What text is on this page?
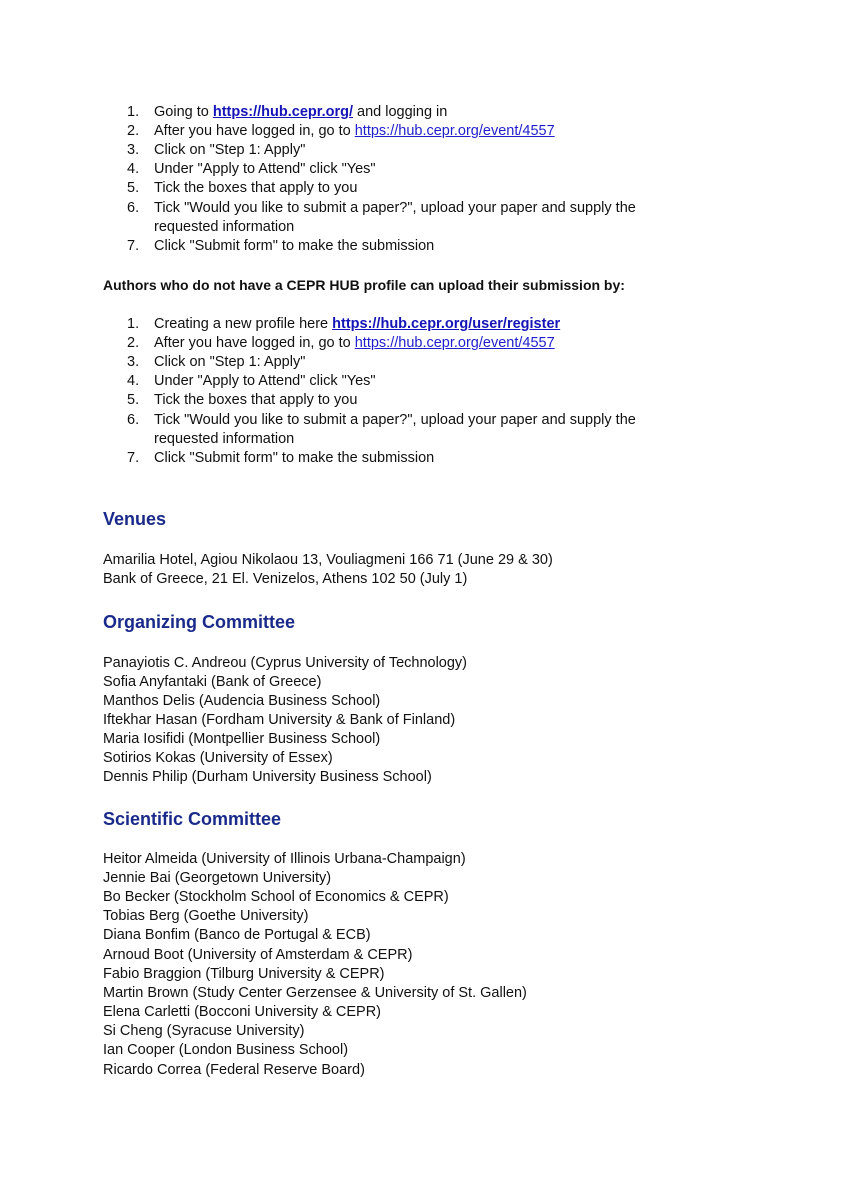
1.	Going to https://hub.cepr.org/ and logging in
2.	After you have logged in, go to https://hub.cepr.org/event/4557
3.	Click on "Step 1: Apply"
4.	Under "Apply to Attend" click "Yes"
5.	Tick the boxes that apply to you
6.	Tick "Would you like to submit a paper?", upload your paper and supply the
requested information
7.	Click "Submit form" to make the submission
Authors who do not have a CEPR HUB profile can upload their submission by:
1.	Creating a new profile here https://hub.cepr.org/user/register
2.	After you have logged in, go to https://hub.cepr.org/event/4557
3.	Click on "Step 1: Apply"
4.	Under "Apply to Attend" click "Yes"
5.	Tick the boxes that apply to you
6.	Tick "Would you like to submit a paper?", upload your paper and supply the
requested information
7.	Click "Submit form" to make the submission
Venues
Amarilia Hotel, Agiou Nikolaou 13, Vouliagmeni 166 71 (June 29 & 30)
Bank of Greece, 21 El. Venizelos, Athens 102 50 (July 1)
Organizing Committee
Panayiotis C. Andreou (Cyprus University of Technology)
Sofia Anyfantaki (Bank of Greece)
Manthos Delis (Audencia Business School)
Iftekhar Hasan (Fordham University & Bank of Finland)
Maria Iosifidi (Montpellier Business School)
Sotirios Kokas (University of Essex)
Dennis Philip (Durham University Business School)
Scientific Committee
Heitor Almeida (University of Illinois Urbana-Champaign)
Jennie Bai (Georgetown University)
Bo Becker (Stockholm School of Economics & CEPR)
Tobias Berg (Goethe University)
Diana Bonfim (Banco de Portugal & ECB)
Arnoud Boot (University of Amsterdam & CEPR)
Fabio Braggion (Tilburg University & CEPR)
Martin Brown (Study Center Gerzensee & University of St. Gallen)
Elena Carletti (Bocconi University & CEPR)
Si Cheng (Syracuse University)
Ian Cooper (London Business School)
Ricardo Correa (Federal Reserve Board)
